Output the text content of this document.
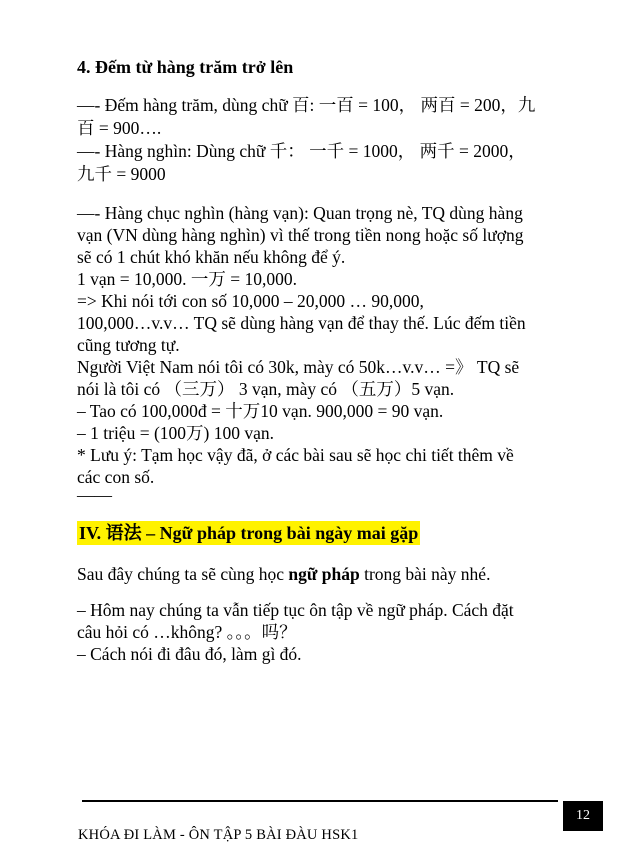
4. Đếm từ hàng trăm trở lên
—- Đếm hàng trăm, dùng chữ 百: 一百 = 100， 两百 = 200，九
百 = 900….
—- Hàng nghìn: Dùng chữ 千： 一千 = 1000， 两千 = 2000，
九千 = 9000
—- Hàng chục nghìn (hàng vạn): Quan trọng nè, TQ dùng hàng
vạn (VN dùng hàng nghìn) vì thế trong tiền nong hoặc số lượng
sẽ có 1 chút khó khăn nếu không để ý.
1 vạn = 10,000. 一万 = 10,000.
=> Khi nói tới con số 10,000 – 20,000 … 90,000,
100,000…v.v… TQ sẽ dùng hàng vạn để thay thế. Lúc đếm tiền
cũng tương tự.
Người Việt Nam nói tôi có 30k, mày có 50k…v.v… =》 TQ sẽ
nói là tôi có （三万） 3 vạn, mày có （五万）5 vạn.
– Tao có 100,000đ = 十万10 vạn. 900,000 = 90 vạn.
– 1 triệu = (100万) 100 vạn.
* Lưu ý: Tạm học vậy đã, ở các bài sau sẽ học chi tiết thêm về
các con số.
——
IV. 语法 – Ngữ pháp trong bài ngày mai gặp
Sau đây chúng ta sẽ cùng học ngữ pháp trong bài này nhé.
– Hôm nay chúng ta vẫn tiếp tục ôn tập về ngữ pháp. Cách đặt
câu hỏi có …không? 。。。吗？
– Cách nói đi đâu đó, làm gì đó.
12
KHÓA ĐI LÀM - ÔN TẬP 5 BÀI ĐÀU HSK1
